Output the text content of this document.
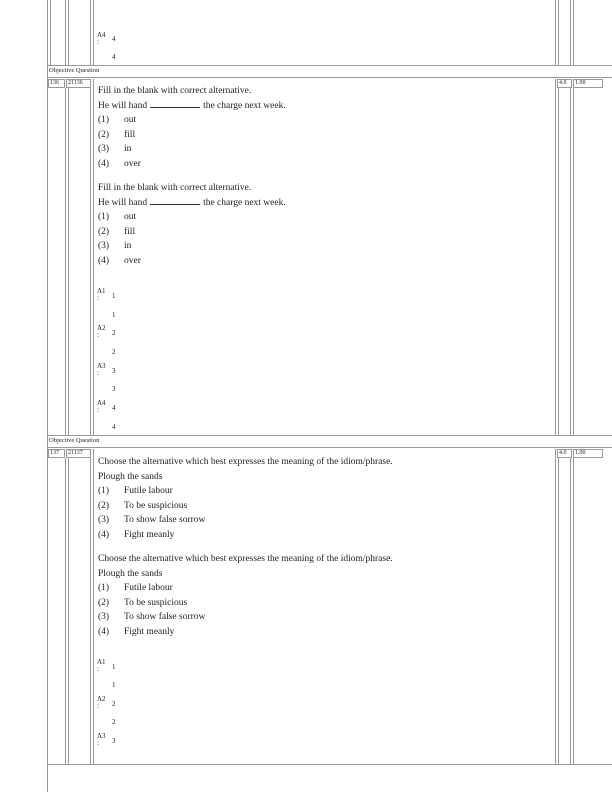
A4
:	4
4
Objective Question
136	21136	4.0	1.00
Fill in the blank with correct alternative.
He will hand	the charge next week.
(1) out
(2) fill
(3) in
(4) over
Fill in the blank with correct alternative.
He will hand	the charge next week.
(1) out
(2) fill
(3) in
(4) over
A1
:	1
1
A2
:	2
2
A3
:	3
3
A4
:	4
4
Objective Question
137	21137	4.0	1.00
Choose the alternative which best expresses the meaning of the idiom/phrase.
Plough the sands
(1) Futile labour
(2) To be suspicious
(3) To show false sorrow
(4) Fight meanly
Choose the alternative which best expresses the meaning of the idiom/phrase.
Plough the sands
(1) Futile labour
(2) To be suspicious
(3) To show false sorrow
(4) Fight meanly
A1
:	1
1
A2
:	2
2
A3
:	3
